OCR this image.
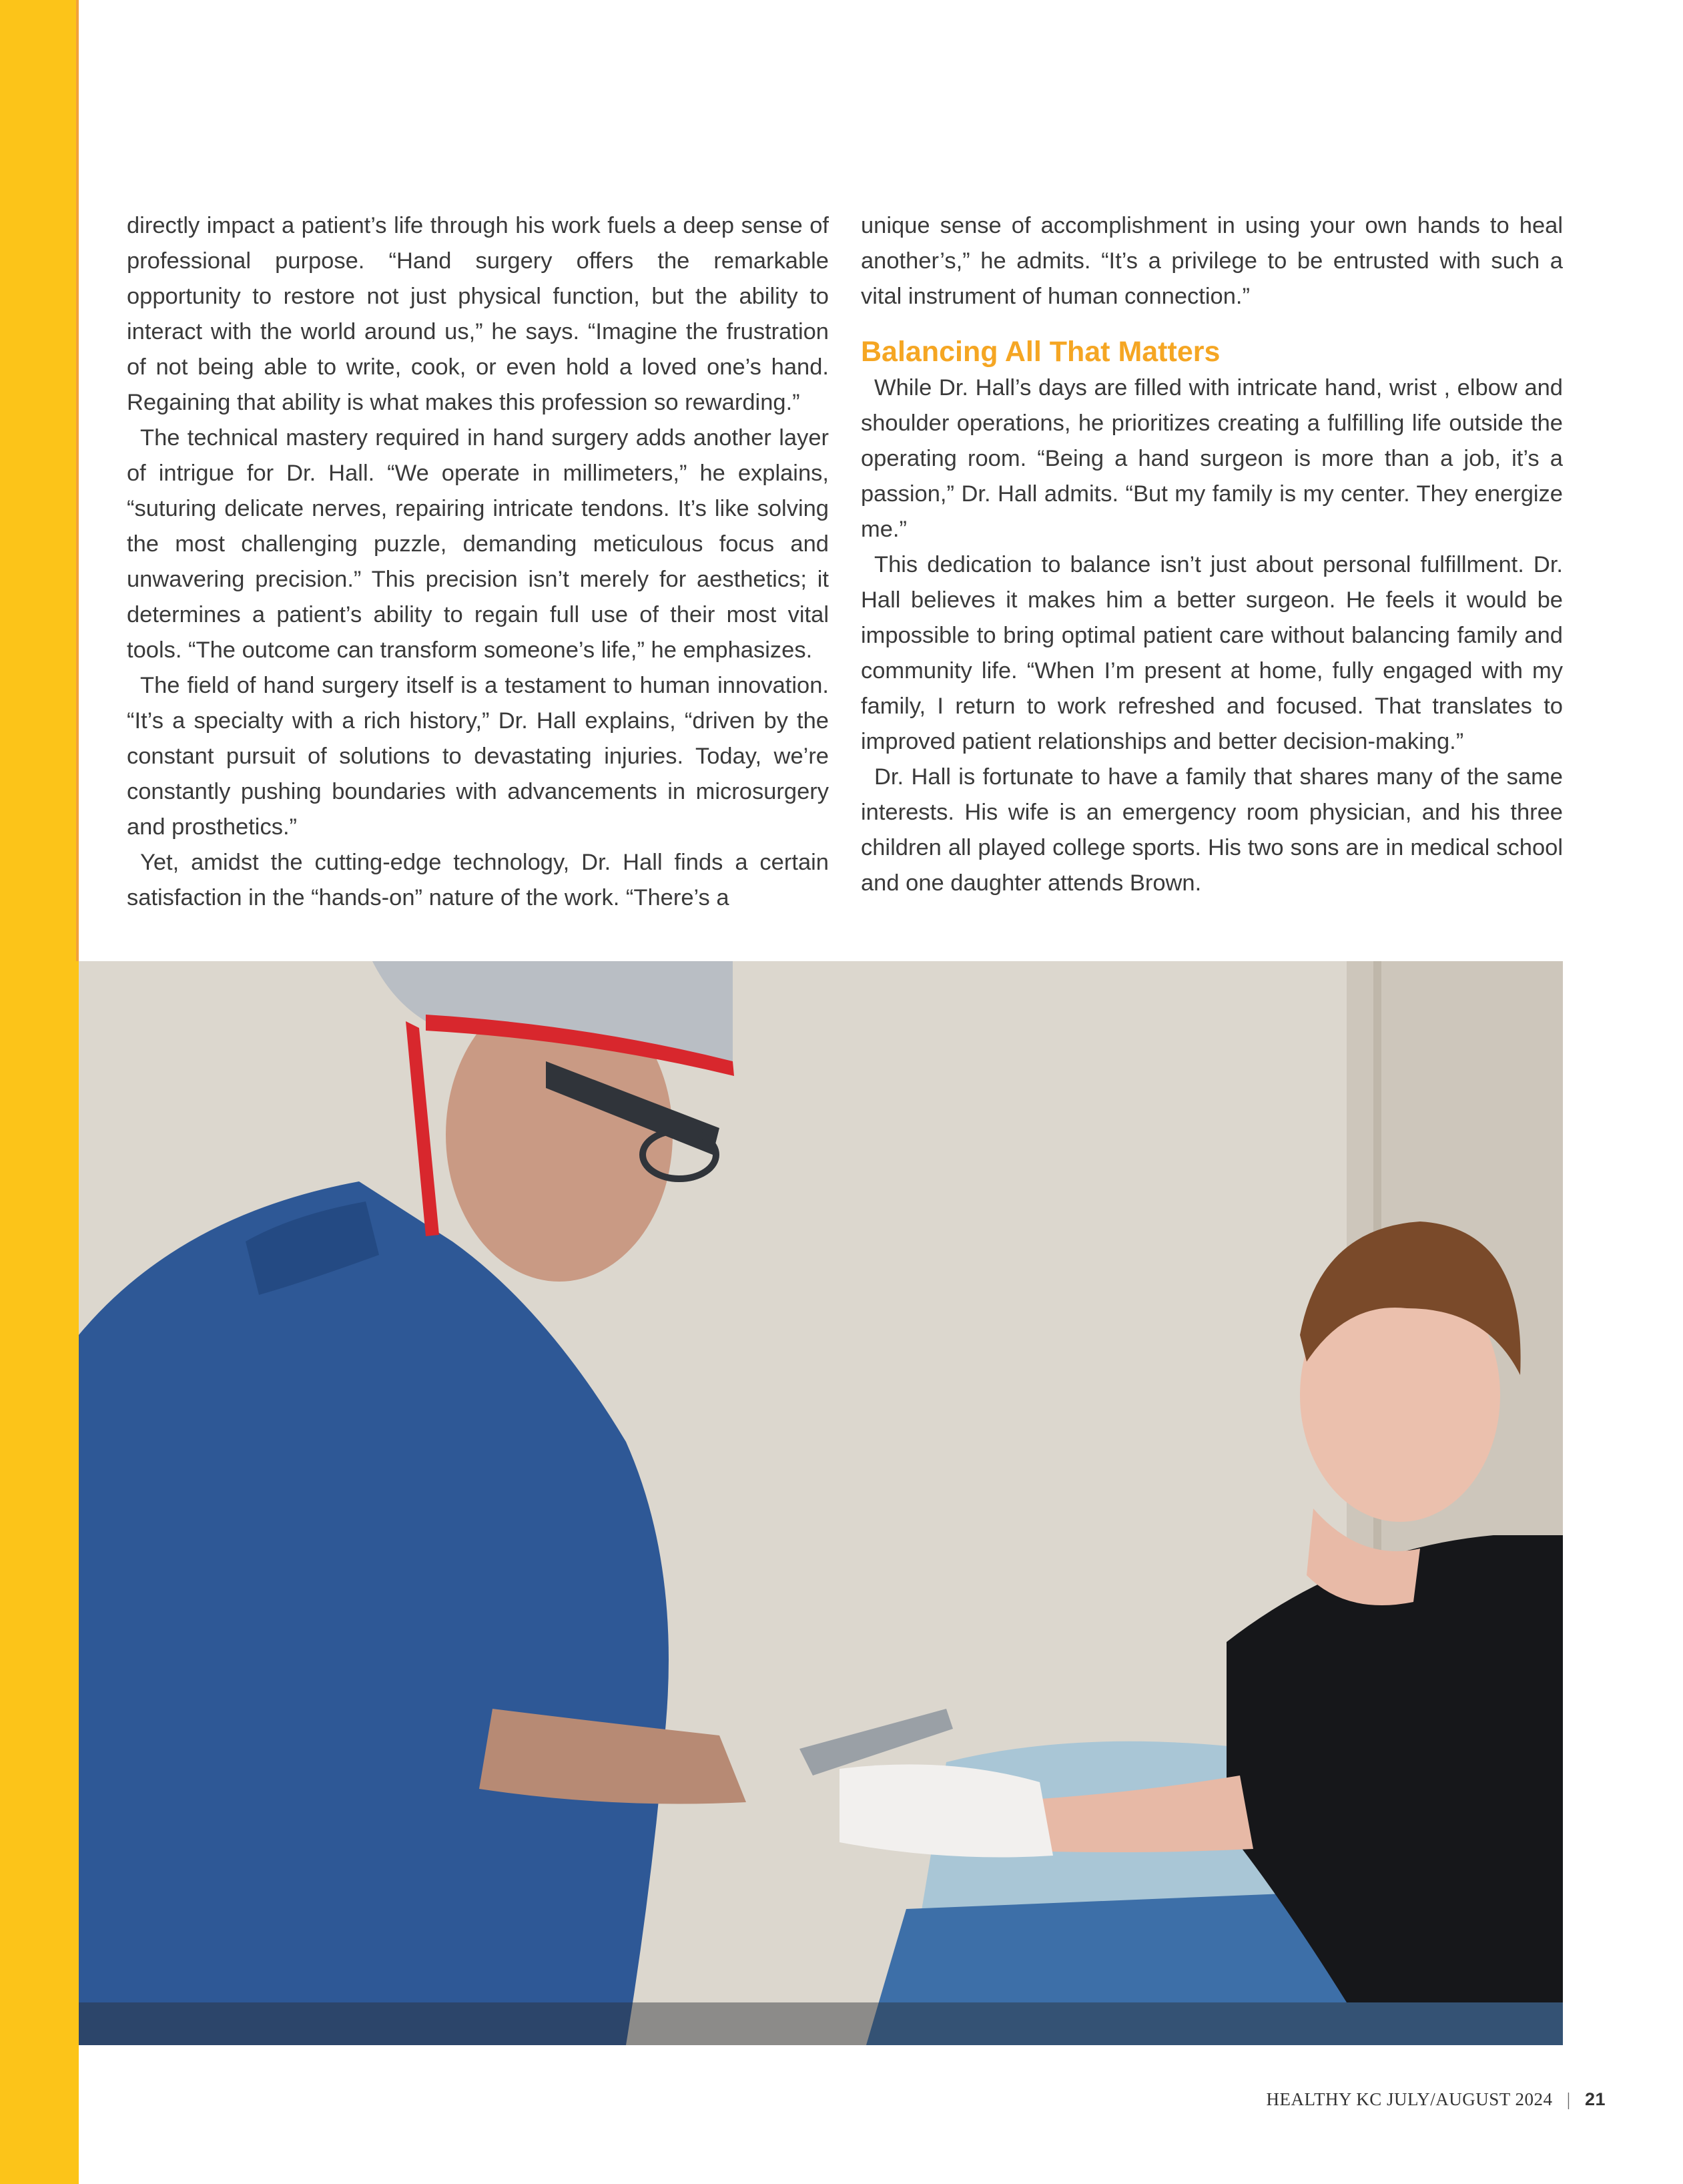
directly impact a patient’s life through his work fuels a deep sense of professional purpose. “Hand surgery offers the remarkable opportunity to restore not just physical function, but the ability to interact with the world around us,” he says. “Imagine the frustration of not being able to write, cook, or even hold a loved one’s hand. Regaining that ability is what makes this profession so rewarding.”

The technical mastery required in hand surgery adds another layer of intrigue for Dr. Hall. “We operate in millimeters,” he explains, “suturing delicate nerves, repairing intricate tendons. It’s like solving the most challenging puzzle, demanding meticulous focus and unwavering precision.” This precision isn’t merely for aesthetics; it determines a patient’s ability to regain full use of their most vital tools. “The outcome can transform someone’s life,” he emphasizes.

The field of hand surgery itself is a testament to human innovation. “It’s a specialty with a rich history,” Dr. Hall explains, “driven by the constant pursuit of solutions to devastating injuries. Today, we’re constantly pushing boundaries with advancements in microsurgery and prosthetics.”

Yet, amidst the cutting-edge technology, Dr. Hall finds a certain satisfaction in the “hands-on” nature of the work. “There’s a

unique sense of accomplishment in using your own hands to heal another’s,” he admits. “It’s a privilege to be entrusted with such a vital instrument of human connection.”

Balancing All That Matters

While Dr. Hall’s days are filled with intricate hand, wrist , elbow and shoulder operations, he prioritizes creating a fulfilling life outside the operating room. “Being a hand surgeon is more than a job, it’s a passion,” Dr. Hall admits. “But my family is my center. They energize me.”

This dedication to balance isn’t just about personal fulfillment. Dr. Hall believes it makes him a better surgeon. He feels it would be impossible to bring optimal patient care without balancing family and community life. “When I’m present at home, fully engaged with my family, I return to work refreshed and focused. That translates to improved patient relationships and better decision-making.”

Dr. Hall is fortunate to have a family that shares many of the same interests. His wife is an emergency room physician, and his three children all played college sports. His two sons are in medical school and one daughter attends Brown.

HEALTHY KC JULY/AUGUST 2024 | 21
